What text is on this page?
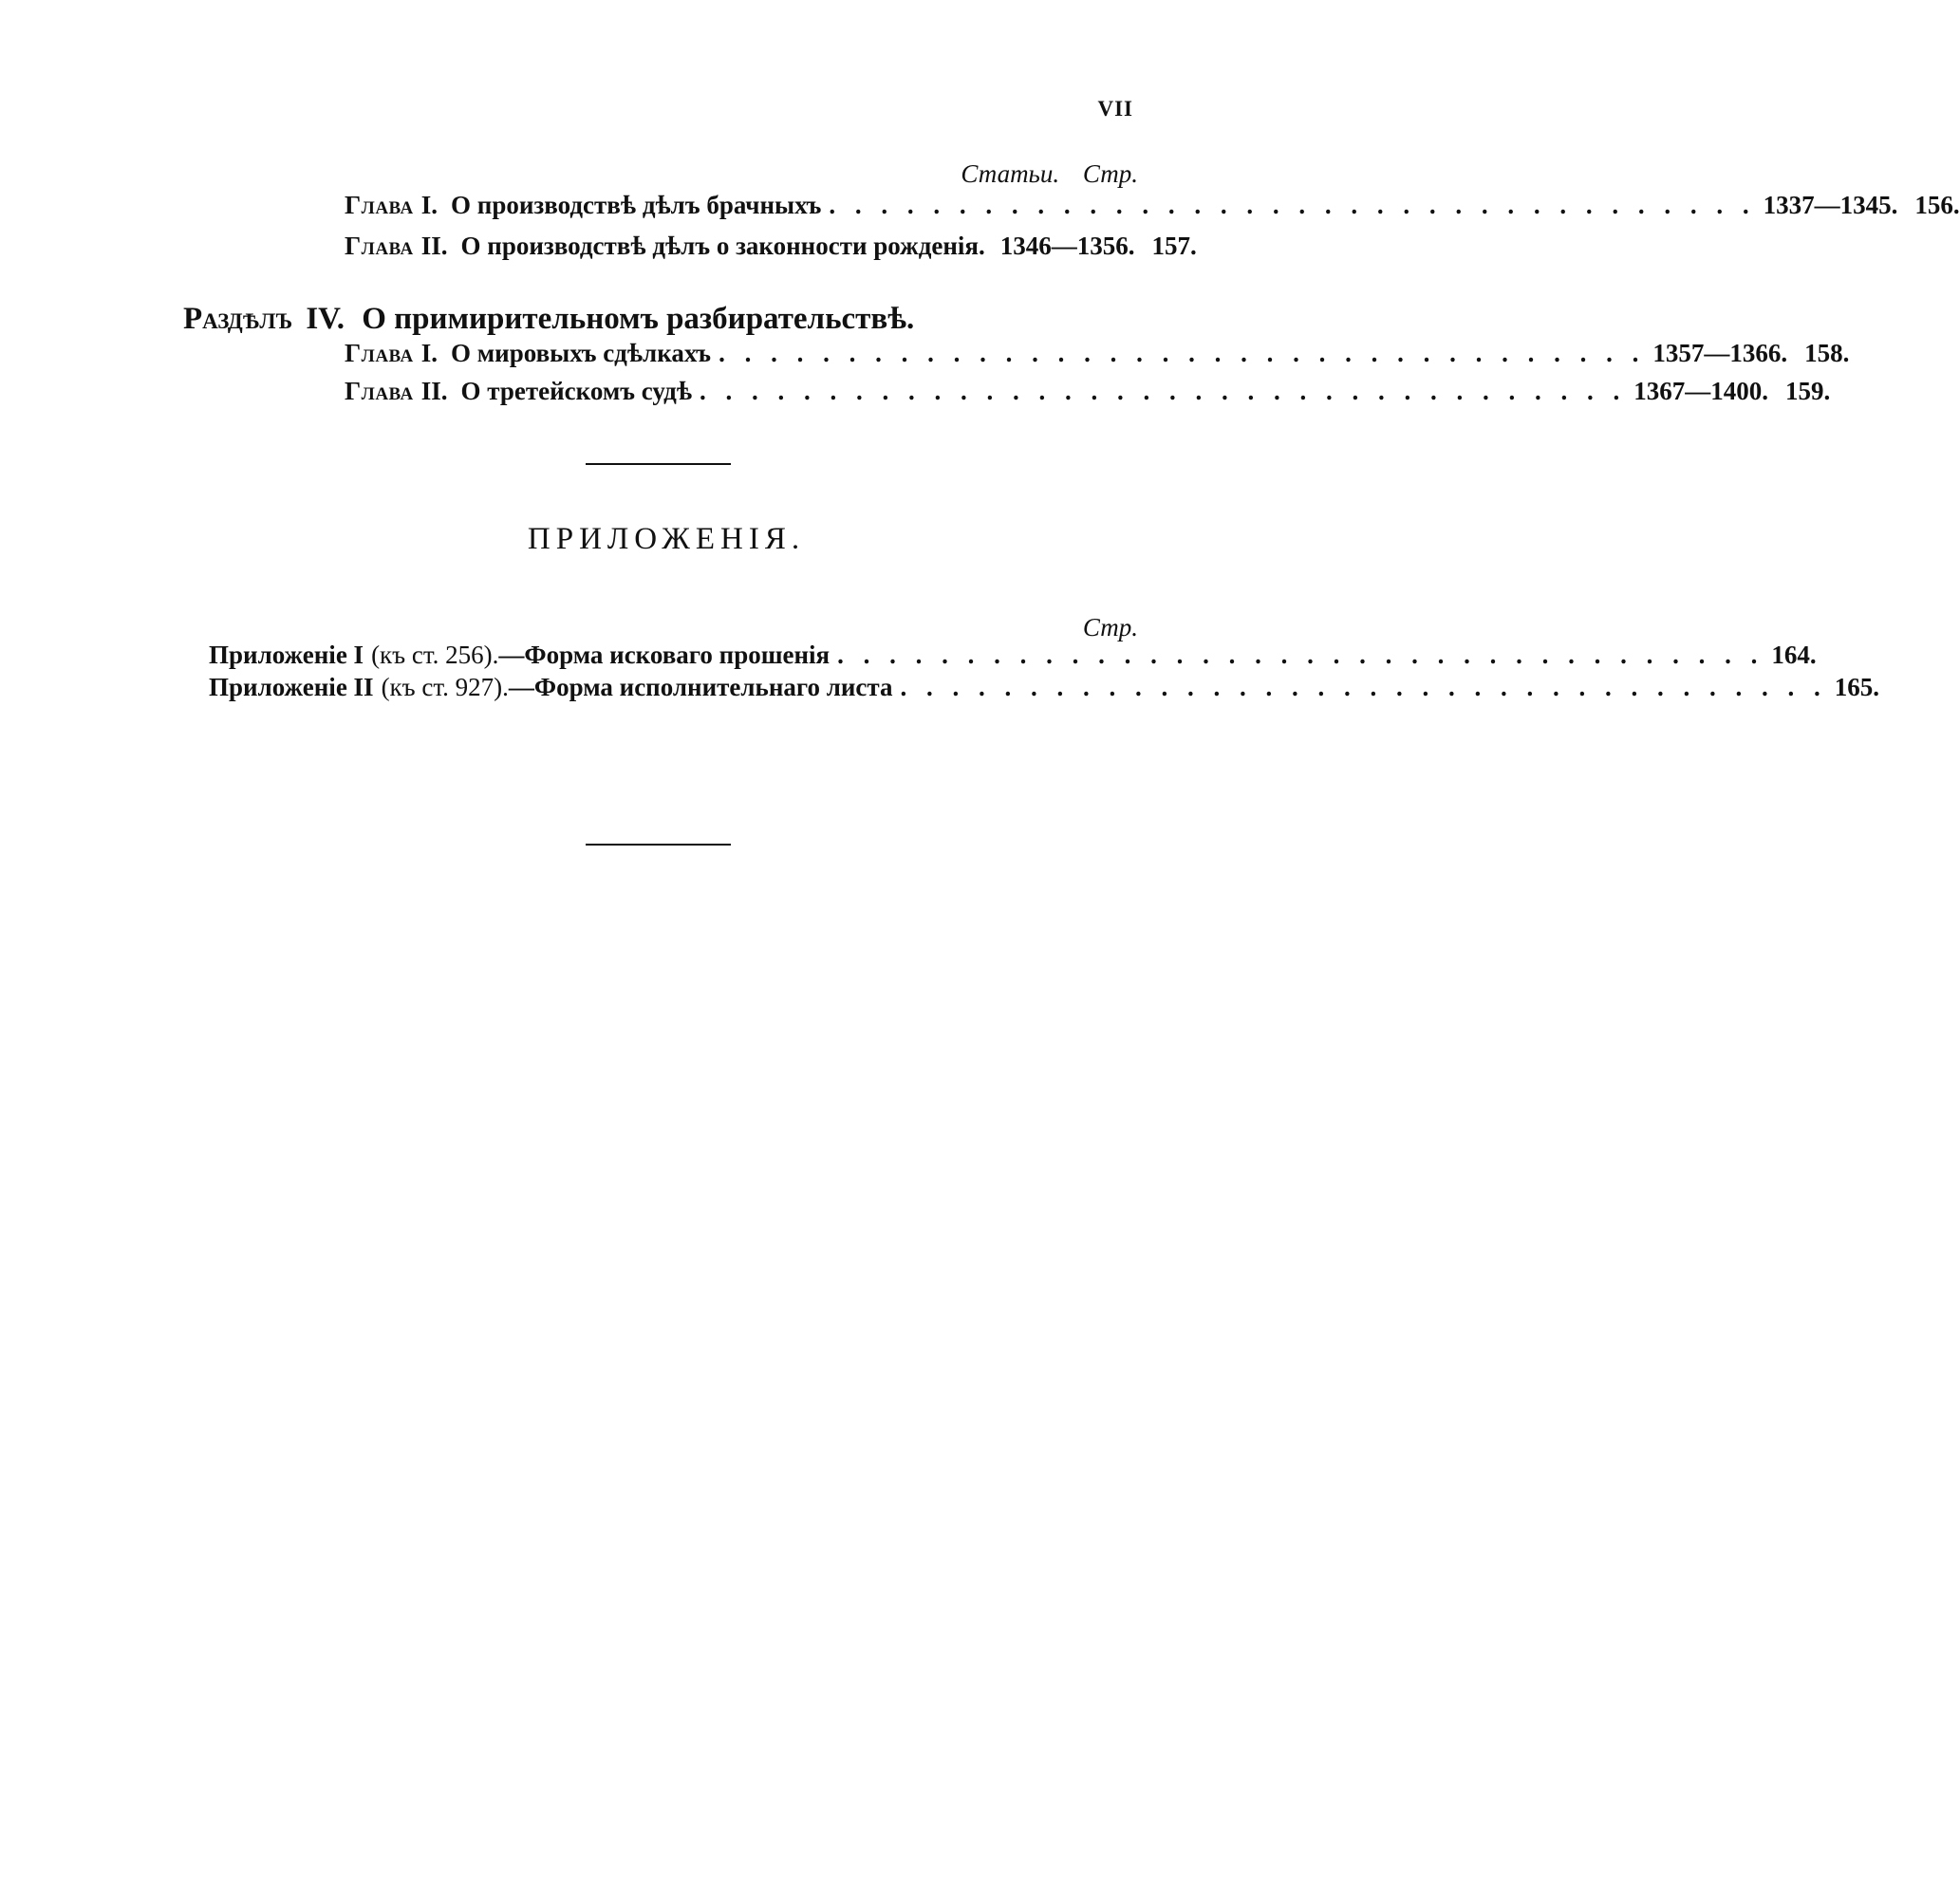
VII
Статьи. Стр.
Глава I. О производствѣ дѣлъ брачныхъ . . . . . . . . . . . . . . . . . . . . . . . . . . . . . . . . . . . . 1337—1345. 156.
Глава II. О производствѣ дѣлъ о законности рожденія. 1346—1356. 157.
Раздѣлъ IV. О примирительномъ разбирательствѣ.
Глава I. О мировыхъ сдѣлкахъ . . . . . . . . . . . . . . . . . . . . . . . . . . . . . . . . . . . . 1357—1366. 158.
Глава II. О третейскомъ судѣ . . . . . . . . . . . . . . . . . . . . . . . . . . . . . . . . . . . . 1367—1400. 159.
ПРИЛОЖЕНІЯ.
Стр.
Приложеніе I (къ ст. 256). —Форма исковаго прошенія . . . . . . . . . . . . . . . . . . . . . . . . . . . . . . . . . . . . 164.
Приложеніе II (къ ст. 927). —Форма исполнительнаго листа . . . . . . . . . . . . . . . . . . . . . . . . . . . . . . . . . . . . 165.
